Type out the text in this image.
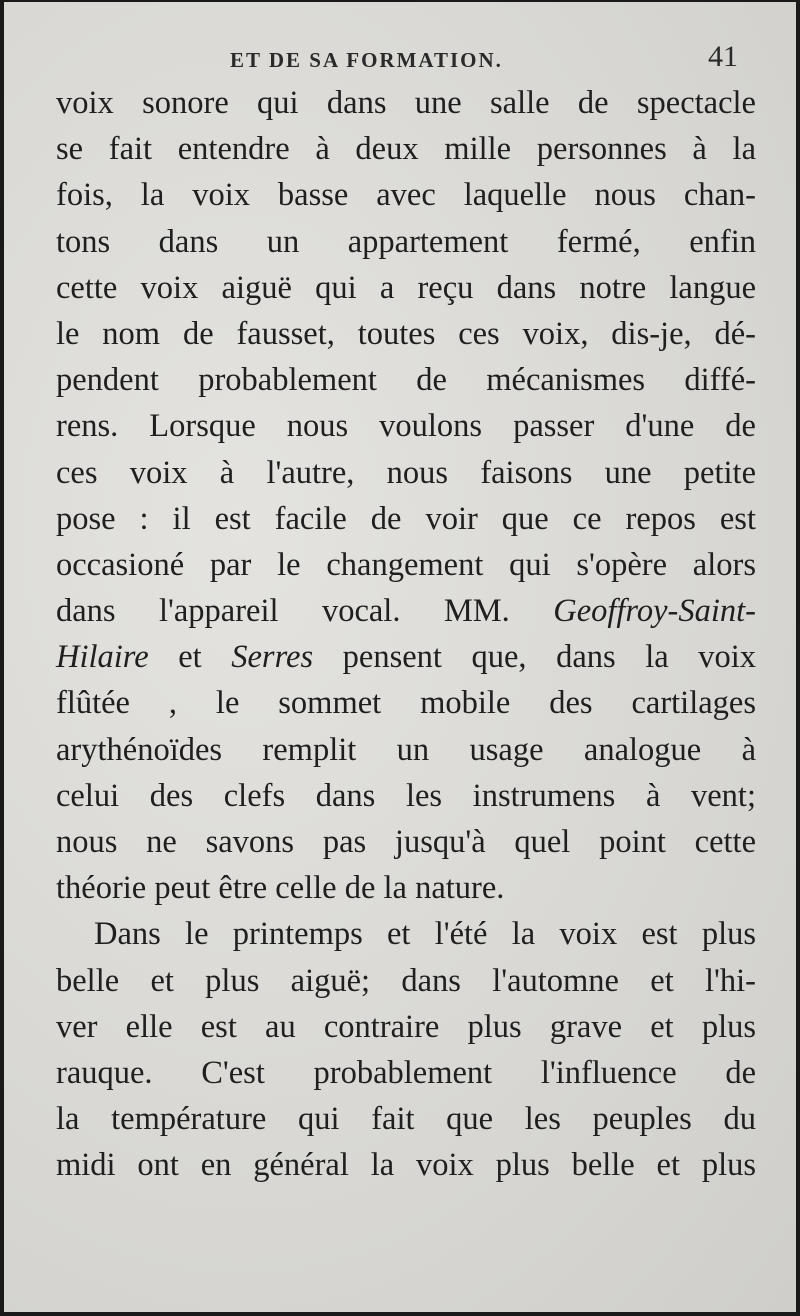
ET DE SA FORMATION.	41
voix sonore qui dans une salle de spectacle
se fait entendre à deux mille personnes à la
fois, la voix basse avec laquelle nous chan-
tons dans un appartement fermé, enfin
cette voix aiguë qui a reçu dans notre langue
le nom de fausset, toutes ces voix, dis-je, dé-
pendent probablement de mécanismes diffé-
rens. Lorsque nous voulons passer d'une de
ces voix à l'autre, nous faisons une petite
pose : il est facile de voir que ce repos est
occasioné par le changement qui s'opère alors
dans l'appareil vocal. MM. Geoffroy-Saint-
Hilaire et Serres pensent que, dans la voix
flûtée , le sommet mobile des cartilages
arythénoïdes remplit un usage analogue à
celui des clefs dans les instrumens à vent;
nous ne savons pas jusqu'à quel point cette
théorie peut être celle de la nature.
Dans le printemps et l'été la voix est plus
belle et plus aiguë; dans l'automne et l'hi-
ver elle est au contraire plus grave et plus
rauque. C'est probablement l'influence de
la température qui fait que les peuples du
midi ont en général la voix plus belle et plus
